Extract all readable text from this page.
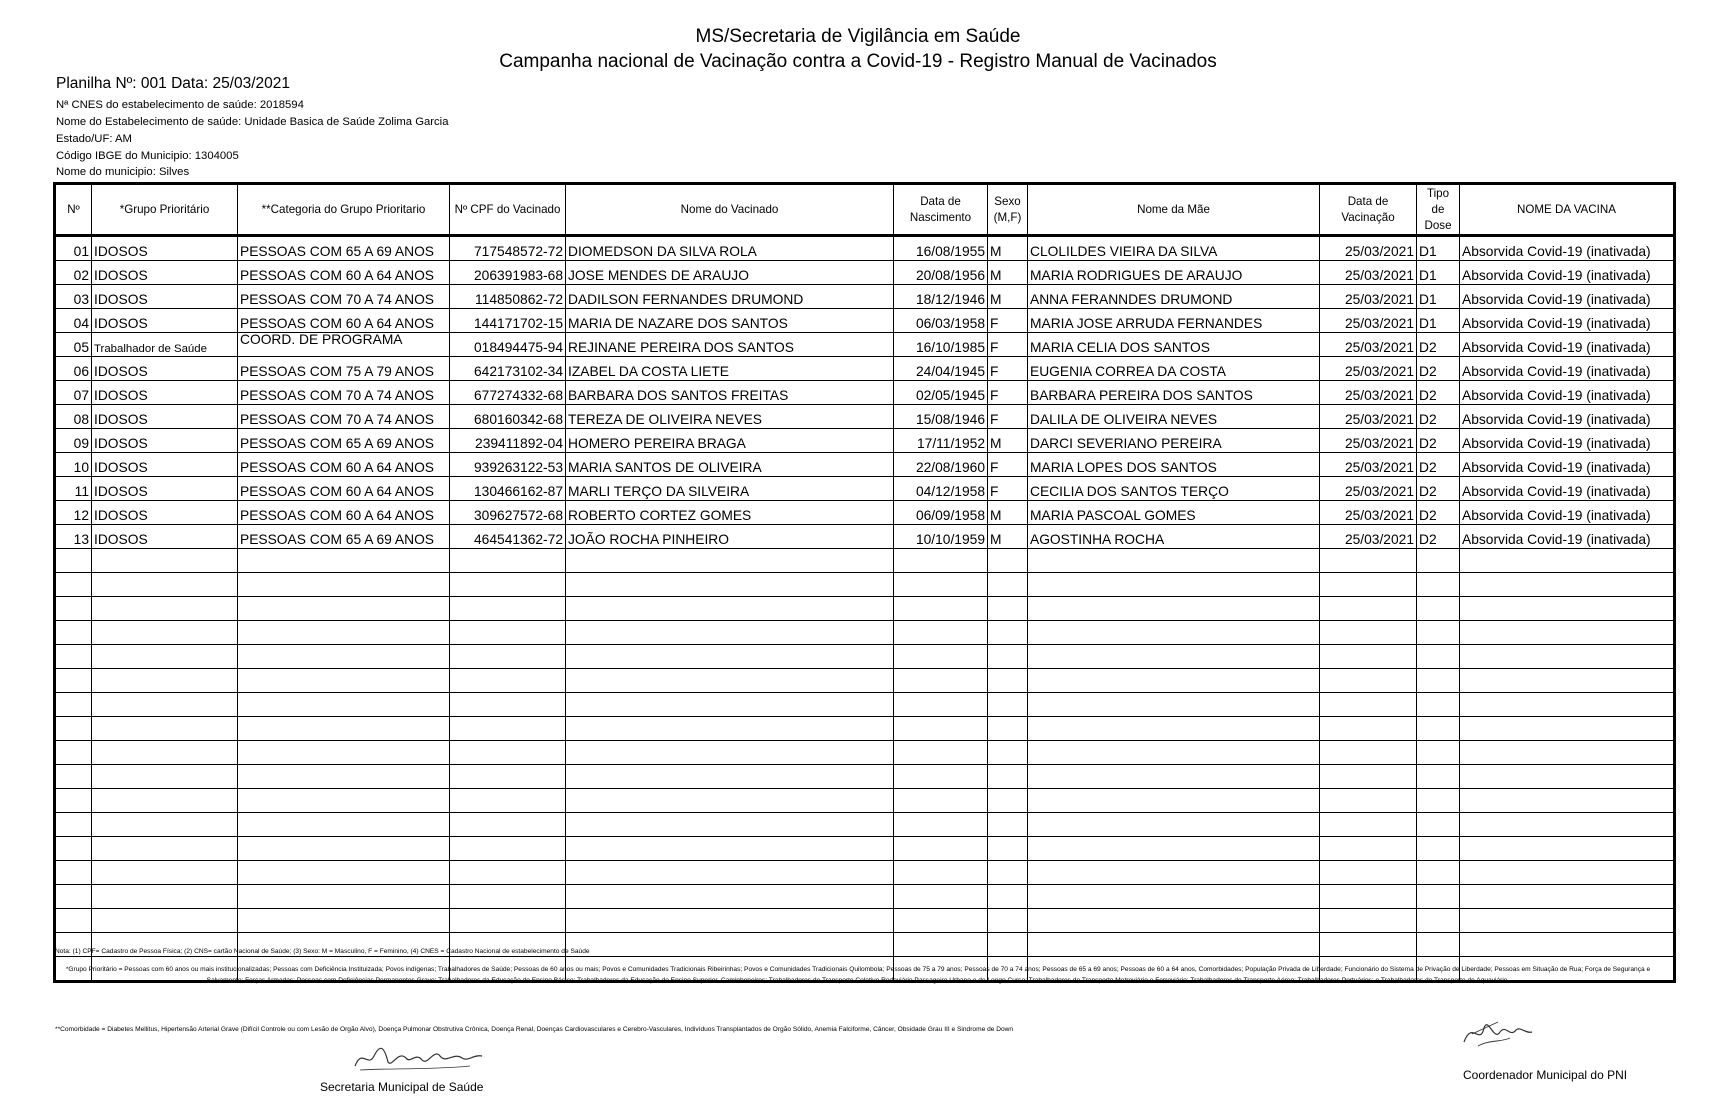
MS/Secretaria de Vigilância em Saúde
Campanha nacional de Vacinação contra a Covid-19 - Registro Manual de Vacinados
Planilha Nº: 001 Data: 25/03/2021
Nª CNES do estabelecimento de saúde: 2018594
Nome do Estabelecimento de saúde: Unidade Basica de Saúde Zolima Garcia
Estado/UF: AM
Código IBGE do Municipio: 1304005
Nome do municipio: Silves
Nº	*Grupo Prioritário	**Categoria do Grupo Prioritario	Nº CPF do Vacinado	Nome do Vacinado	Data de Nascimento	Sexo (M,F)	Nome da Mãe	Data de Vacinação	Tipo de Dose	NOME DA VACINA
01	IDOSOS	PESSOAS COM 65 A 69 ANOS	717548572-72	DIOMEDSON DA SILVA ROLA	16/08/1955	M	CLOLILDES VIEIRA DA SILVA	25/03/2021	D1	Absorvida Covid-19 (inativada)
02	IDOSOS	PESSOAS COM 60 A 64 ANOS	206391983-68	JOSE MENDES DE ARAUJO	20/08/1956	M	MARIA RODRIGUES DE ARAUJO	25/03/2021	D1	Absorvida Covid-19 (inativada)
03	IDOSOS	PESSOAS COM 70 A 74 ANOS	114850862-72	DADILSON FERNANDES DRUMOND	18/12/1946	M	ANNA FERANNDES DRUMOND	25/03/2021	D1	Absorvida Covid-19 (inativada)
04	IDOSOS	PESSOAS COM 60 A 64 ANOS	144171702-15	MARIA DE NAZARE DOS SANTOS	06/03/1958	F	MARIA JOSE ARRUDA FERNANDES	25/03/2021	D1	Absorvida Covid-19 (inativada)
05	Trabalhador de Saúde	COORD. DE PROGRAMA	018494475-94	REJINANE PEREIRA DOS SANTOS	16/10/1985	F	MARIA CELIA DOS SANTOS	25/03/2021	D2	Absorvida Covid-19 (inativada)
06	IDOSOS	PESSOAS COM 75 A 79 ANOS	642173102-34	IZABEL DA COSTA LIETE	24/04/1945	F	EUGENIA CORREA DA COSTA	25/03/2021	D2	Absorvida Covid-19 (inativada)
07	IDOSOS	PESSOAS COM 70 A 74 ANOS	677274332-68	BARBARA DOS SANTOS FREITAS	02/05/1945	F	BARBARA PEREIRA DOS SANTOS	25/03/2021	D2	Absorvida Covid-19 (inativada)
08	IDOSOS	PESSOAS COM 70 A 74 ANOS	680160342-68	TEREZA DE OLIVEIRA NEVES	15/08/1946	F	DALILA DE OLIVEIRA NEVES	25/03/2021	D2	Absorvida Covid-19 (inativada)
09	IDOSOS	PESSOAS COM 65 A 69 ANOS	239411892-04	HOMERO PEREIRA BRAGA	17/11/1952	M	DARCI SEVERIANO PEREIRA	25/03/2021	D2	Absorvida Covid-19 (inativada)
10	IDOSOS	PESSOAS COM 60 A 64 ANOS	939263122-53	MARIA SANTOS DE OLIVEIRA	22/08/1960	F	MARIA LOPES DOS SANTOS	25/03/2021	D2	Absorvida Covid-19 (inativada)
11	IDOSOS	PESSOAS COM 60 A 64 ANOS	130466162-87	MARLI TERÇO DA SILVEIRA	04/12/1958	F	CECILIA DOS SANTOS TERÇO	25/03/2021	D2	Absorvida Covid-19 (inativada)
12	IDOSOS	PESSOAS COM 60 A 64 ANOS	309627572-68	ROBERTO CORTEZ GOMES	06/09/1958	M	MARIA PASCOAL GOMES	25/03/2021	D2	Absorvida Covid-19 (inativada)
13	IDOSOS	PESSOAS COM 65 A 69 ANOS	464541362-72	JOÃO ROCHA PINHEIRO	10/10/1959	M	AGOSTINHA ROCHA	25/03/2021	D2	Absorvida Covid-19 (inativada)

Nota: (1) CPF= Cadastro de Pessoa Física; (2) CNS= cartão Nacional de Saúde; (3) Sexo: M = Masculino, F = Feminino, (4) CNES = Cadastro Nacional de estabelecimento de Saúde
*Grupo Prioritário = Pessoas com 60 anos ou mais institucionalizadas; Pessoas com Deficiência Instituizada; Povos indígenas; Trabalhadores de Saúde; Pessoas de 60 anos ou mais; Povos e Comunidades Tradicionais Ribeirinhas; Povos e Comunidades Tradicionais Quilombola; Pessoas de 75 a 79 anos; Pessoas de 70 a 74 anos; Pessoas de 65 a 69 anos; Pessoas de 60 a 64 anos, Comorbidades; População Privada de Liberdade; Funcionário do Sistema de Privação de Liberdade; Pessoas em Situação de Rua; Força de Segurança e Salvamento; Forças Armadas; Pessoas com Deficiências Permanentes Grave; Trabalhadores da Educação do Ensino Básico; Trabalhadores da Educação do Ensino Superior, Caminhoneiros; Trabalhadores de Transporte Coletivo Rodoviário Passageiro Urbano e de Longo Curso; Trabalhadores de Transporte Metroviário e Ferroviário; Trabalhadores de Transporte Aéreo; Trabalhadores Portuários; e Trabalhadores de Transporte de Aquaviário.
**Comorbidade = Diabetes Mellitus, Hipertensão Arterial Grave (Difícil Controle ou com Lesão de Orgão Alvo), Doença Pulmonar Obstrutiva Crônica, Doença Renal, Doenças Cardiovasculares e Cerebro-Vasculares, Indivíduos Transplantados de Orgão Sólido, Anemia Falciforme, Câncer, Obsidade Grau III e Sindrome de Down
Secretaria Municipal de Saúde
Coordenador Municipal do PNI
